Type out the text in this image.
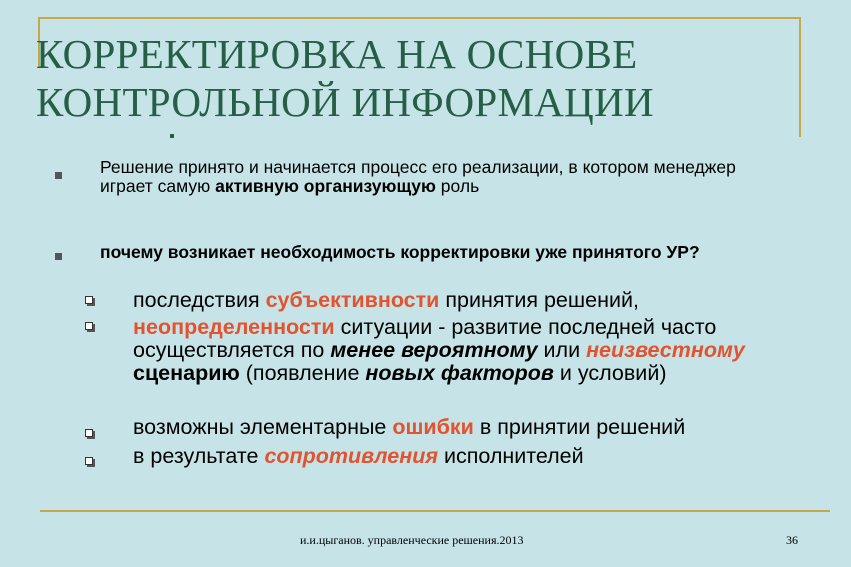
КОРРЕКТИРОВКА НА ОСНОВЕ
КОНТРОЛЬНОЙ ИНФОРМАЦИИ
Решение принято и начинается процесс его реализации, в котором менеджер играет самую активную организующую роль
почему возникает необходимость корректировки уже принятого УР?
последствия субъективности принятия решений,
неопределенности ситуации - развитие последней часто осуществляется по менее вероятному или неизвестному сценарию (появление новых факторов и условий)
возможны элементарные ошибки в принятии решений
в результате сопротивления исполнителей
и.и.цыганов. управленческие решения.2013	36
